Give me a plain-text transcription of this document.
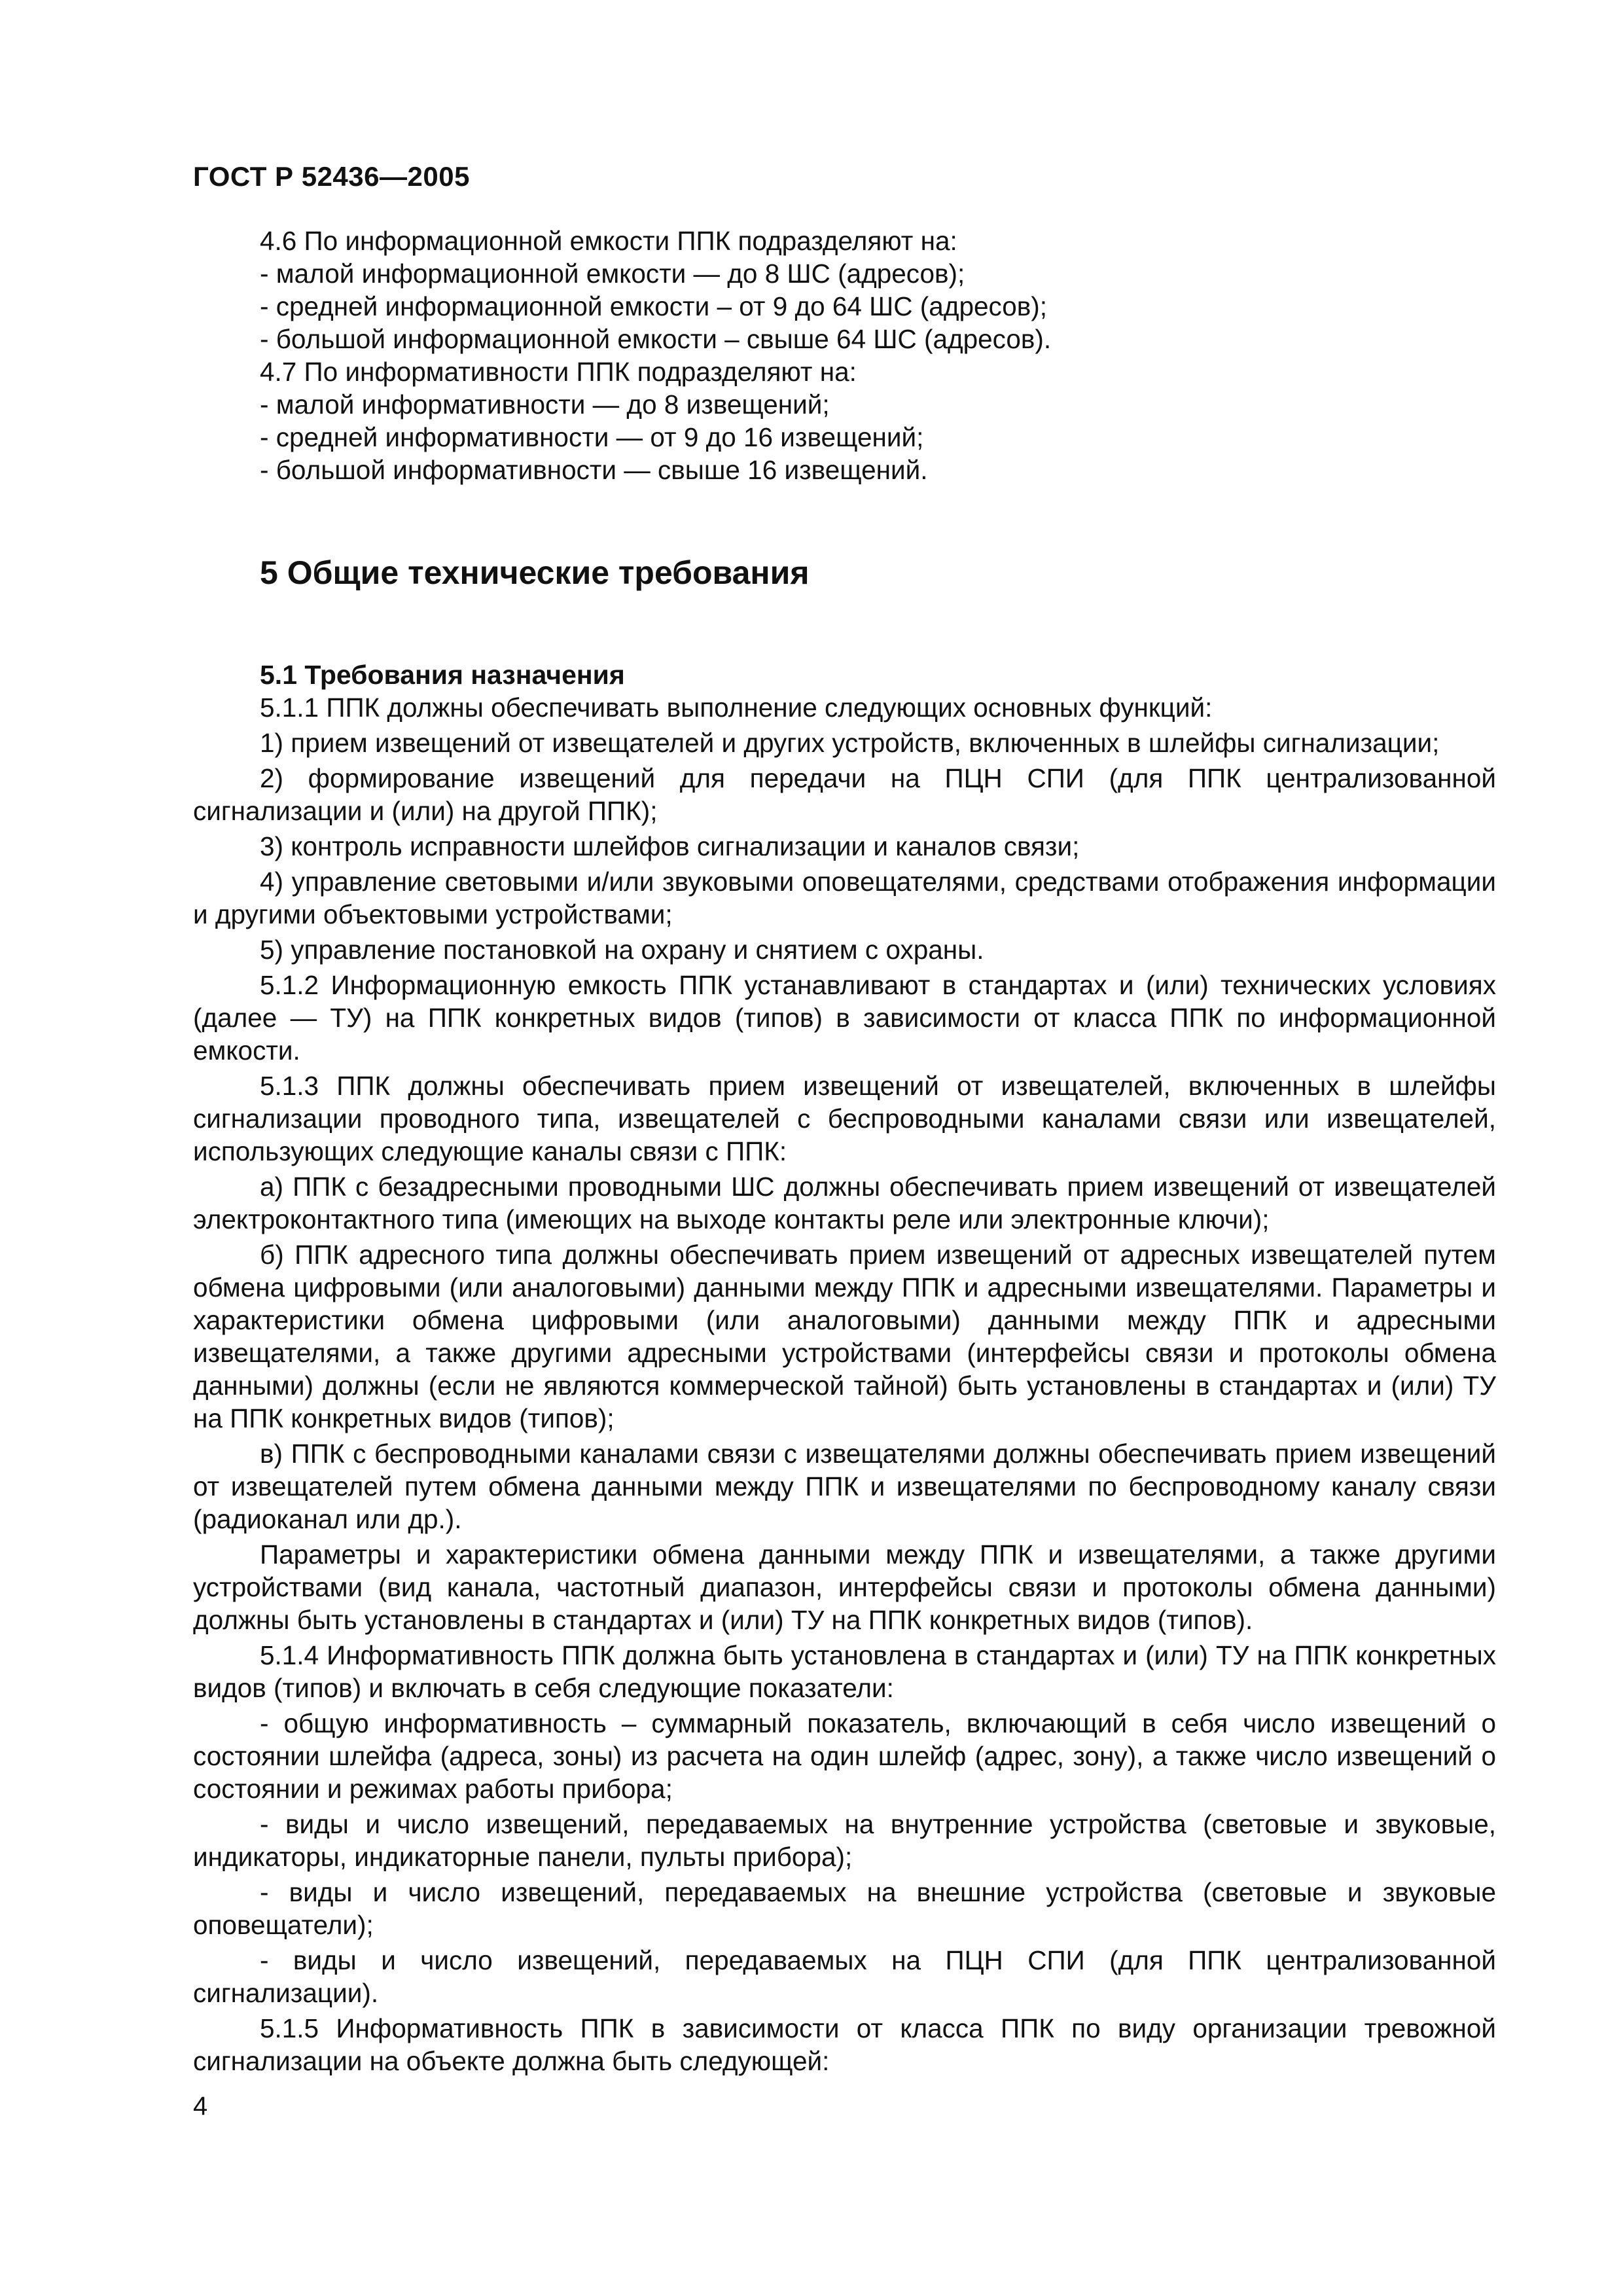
ГОСТ Р 52436—2005
4.6 По информационной емкости ППК подразделяют на:
- малой информационной емкости — до 8 ШС (адресов);
- средней информационной емкости – от 9 до 64 ШС (адресов);
- большой информационной емкости – свыше 64 ШС (адресов).
4.7 По информативности ППК подразделяют на:
- малой информативности — до 8 извещений;
- средней информативности — от 9 до 16 извещений;
- большой информативности — свыше 16 извещений.
5 Общие технические требования
5.1 Требования назначения

5.1.1 ППК должны обеспечивать выполнение следующих основных функций:

1) прием извещений от извещателей и других устройств, включенных в шлейфы сигнализации;

2) формирование извещений для передачи на ПЦН СПИ (для ППК централизованной сигнализации и (или) на другой ППК);

3) контроль исправности шлейфов сигнализации и каналов связи;

4) управление световыми и/или звуковыми оповещателями, средствами отображения информации и другими объектовыми устройствами;

5) управление постановкой на охрану и снятием с охраны.

5.1.2 Информационную емкость ППК устанавливают в стандартах и (или) технических условиях (далее — ТУ) на ППК конкретных видов (типов) в зависимости от класса ППК по информационной емкости.

5.1.3 ППК должны обеспечивать прием извещений от извещателей, включенных в шлейфы сигнализации проводного типа, извещателей с беспроводными каналами связи или извещателей, использующих следующие каналы связи с ППК:

а) ППК с безадресными проводными ШС должны обеспечивать прием извещений от извещателей электроконтактного типа (имеющих на выходе контакты реле или электронные ключи);

б) ППК адресного типа должны обеспечивать прием извещений от адресных извещателей путем обмена цифровыми (или аналоговыми) данными между ППК и адресными извещателями. Параметры и характеристики обмена цифровыми (или аналоговыми) данными между ППК и адресными извещателями, а также другими адресными устройствами (интерфейсы связи и протоколы обмена данными) должны (если не являются коммерческой тайной) быть установлены в стандартах и (или) ТУ на ППК конкретных видов (типов);

в) ППК с беспроводными каналами связи с извещателями должны обеспечивать прием извещений от извещателей путем обмена данными между ППК и извещателями по беспроводному каналу связи (радиоканал или др.).

Параметры и характеристики обмена данными между ППК и извещателями, а также другими устройствами (вид канала, частотный диапазон, интерфейсы связи и протоколы обмена данными) должны быть установлены в стандартах и (или) ТУ на ППК конкретных видов (типов).

5.1.4 Информативность ППК должна быть установлена в стандартах и (или) ТУ на ППК конкретных видов (типов) и включать в себя следующие показатели:

- общую информативность – суммарный показатель, включающий в себя число извещений о состоянии шлейфа (адреса, зоны) из расчета на один шлейф (адрес, зону), а также число извещений о состоянии и режимах работы прибора;

- виды и число извещений, передаваемых на внутренние устройства (световые и звуковые, индикаторы, индикаторные панели, пульты прибора);

- виды и число извещений, передаваемых на внешние устройства (световые и звуковые оповещатели);

- виды и число извещений, передаваемых на ПЦН СПИ (для ППК централизованной сигнализации).

5.1.5 Информативность ППК в зависимости от класса ППК по виду организации тревожной сигнализации на объекте должна быть следующей:

4
